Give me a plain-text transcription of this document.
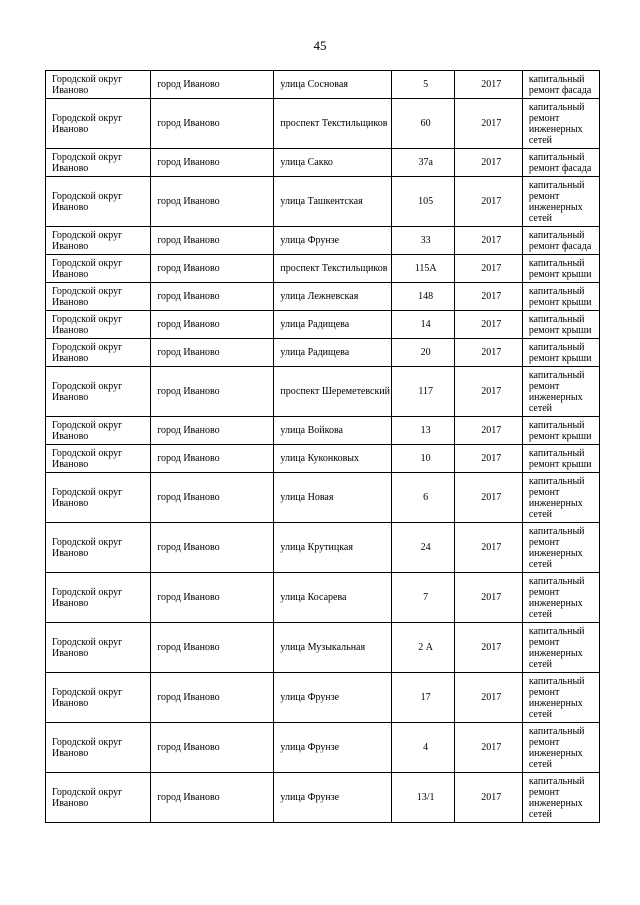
45
Городской округ Иваново	город Иваново	улица Сосновая	5	2017	капитальный ремонт фасада
Городской округ Иваново	город Иваново	проспект Текстильщиков	60	2017	капитальный ремонт инженерных сетей
Городской округ Иваново	город Иваново	улица Сакко	37а	2017	капитальный ремонт фасада
Городской округ Иваново	город Иваново	улица Ташкентская	105	2017	капитальный ремонт инженерных сетей
Городской округ Иваново	город Иваново	улица Фрунзе	33	2017	капитальный ремонт фасада
Городской округ Иваново	город Иваново	проспект Текстильщиков	115А	2017	капитальный ремонт крыши
Городской округ Иваново	город Иваново	улица Лежневская	148	2017	капитальный ремонт крыши
Городской округ Иваново	город Иваново	улица Радищева	14	2017	капитальный ремонт крыши
Городской округ Иваново	город Иваново	улица Радищева	20	2017	капитальный ремонт крыши
Городской округ Иваново	город Иваново	проспект Шереметевский	117	2017	капитальный ремонт инженерных сетей
Городской округ Иваново	город Иваново	улица Войкова	13	2017	капитальный ремонт крыши
Городской округ Иваново	город Иваново	улица Куконковых	10	2017	капитальный ремонт крыши
Городской округ Иваново	город Иваново	улица Новая	6	2017	капитальный ремонт инженерных сетей
Городской округ Иваново	город Иваново	улица Крутицкая	24	2017	капитальный ремонт инженерных сетей
Городской округ Иваново	город Иваново	улица Косарева	7	2017	капитальный ремонт инженерных сетей
Городской округ Иваново	город Иваново	улица Музыкальная	2 А	2017	капитальный ремонт инженерных сетей
Городской округ Иваново	город Иваново	улица Фрунзе	17	2017	капитальный ремонт инженерных сетей
Городской округ Иваново	город Иваново	улица Фрунзе	4	2017	капитальный ремонт инженерных сетей
Городской округ Иваново	город Иваново	улица Фрунзе	13/1	2017	капитальный ремонт инженерных сетей
